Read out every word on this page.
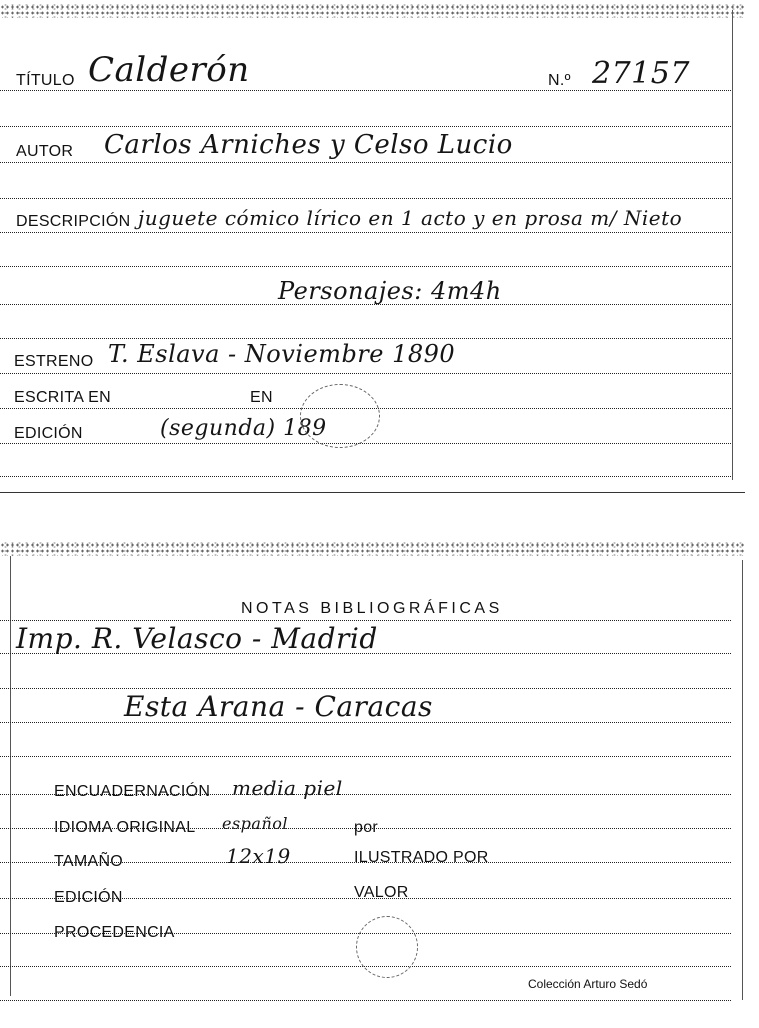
TÍTULO Calderón	N.º 27157
AUTOR Carlos Arniches y Celso Lucio
DESCRIPCIÓN juguete cómico lírico en 1 acto y en prosa m/ Nieto
Personajes: 4m4h
ESTRENO T. Eslava - Noviembre 1890
ESCRITA EN	EN
EDICIÓN	(segunda) 189
NOTAS BIBLIOGRÁFICAS
Imp. R. Velasco - Madrid
Esta Arana - Caracas
ENCUADERNACIÓN media piel
IDIOMA ORIGINAL español	por
TAMAÑO	12x19	ILUSTRADO POR
EDICIÓN	VALOR
PROCEDENCIA
Colección Arturo Sedó
